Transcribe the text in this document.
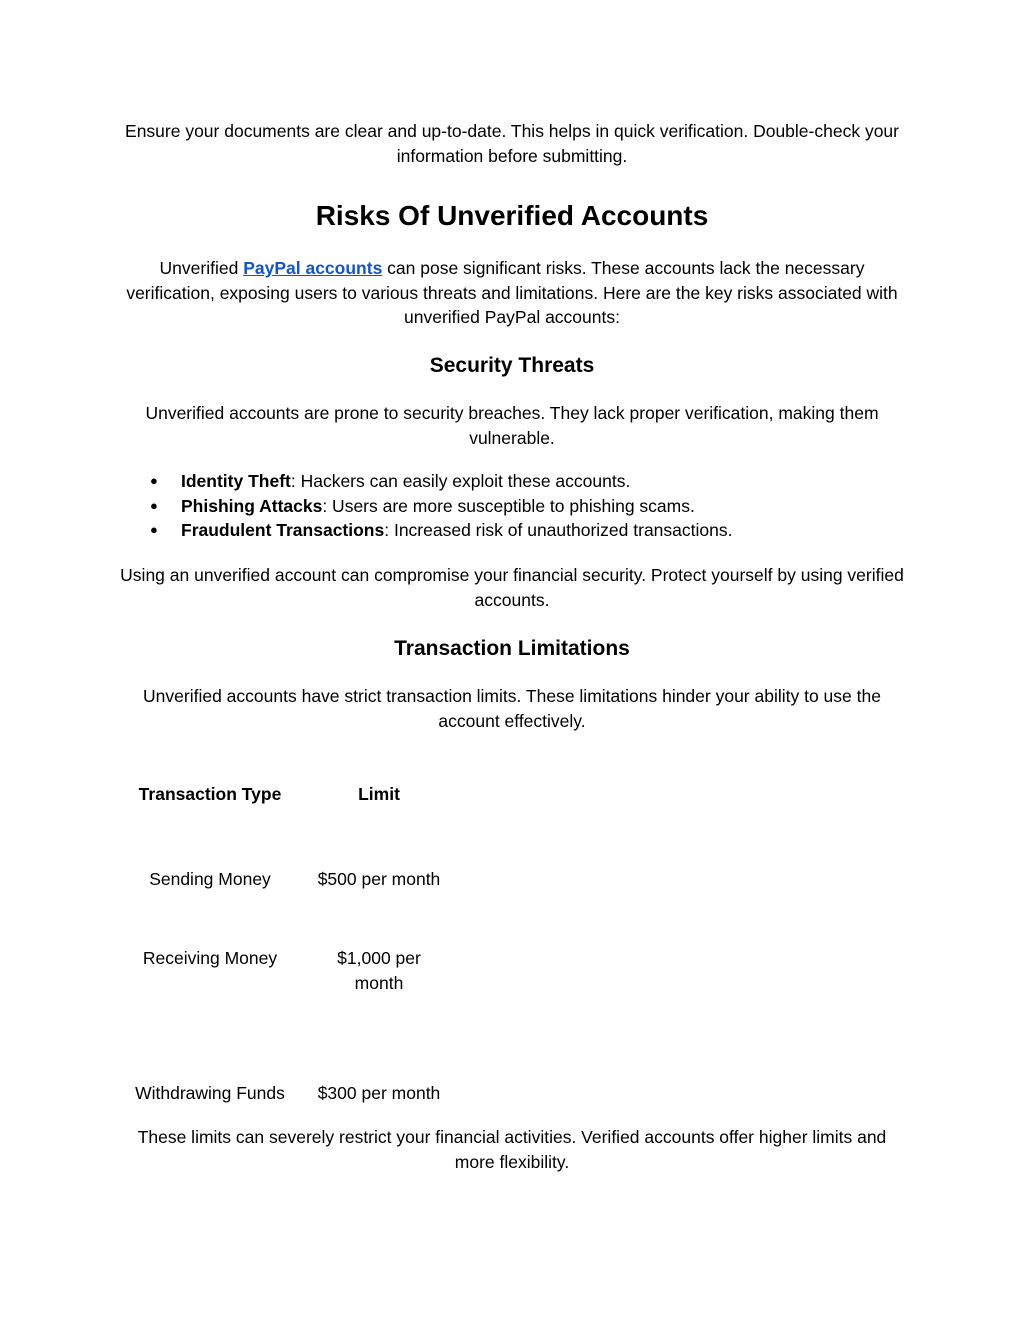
Ensure your documents are clear and up-to-date. This helps in quick verification. Double-check your information before submitting.

Risks Of Unverified Accounts

Unverified PayPal accounts can pose significant risks. These accounts lack the necessary verification, exposing users to various threats and limitations. Here are the key risks associated with unverified PayPal accounts:

Security Threats

Unverified accounts are prone to security breaches. They lack proper verification, making them vulnerable.

● Identity Theft: Hackers can easily exploit these accounts.
● Phishing Attacks: Users are more susceptible to phishing scams.
● Fraudulent Transactions: Increased risk of unauthorized transactions.

Using an unverified account can compromise your financial security. Protect yourself by using verified accounts.

Transaction Limitations

Unverified accounts have strict transaction limits. These limitations hinder your ability to use the account effectively.

Transaction Type	Limit
Sending Money	$500 per month
Receiving Money	$1,000 per month
Withdrawing Funds	$300 per month

These limits can severely restrict your financial activities. Verified accounts offer higher limits and more flexibility.
